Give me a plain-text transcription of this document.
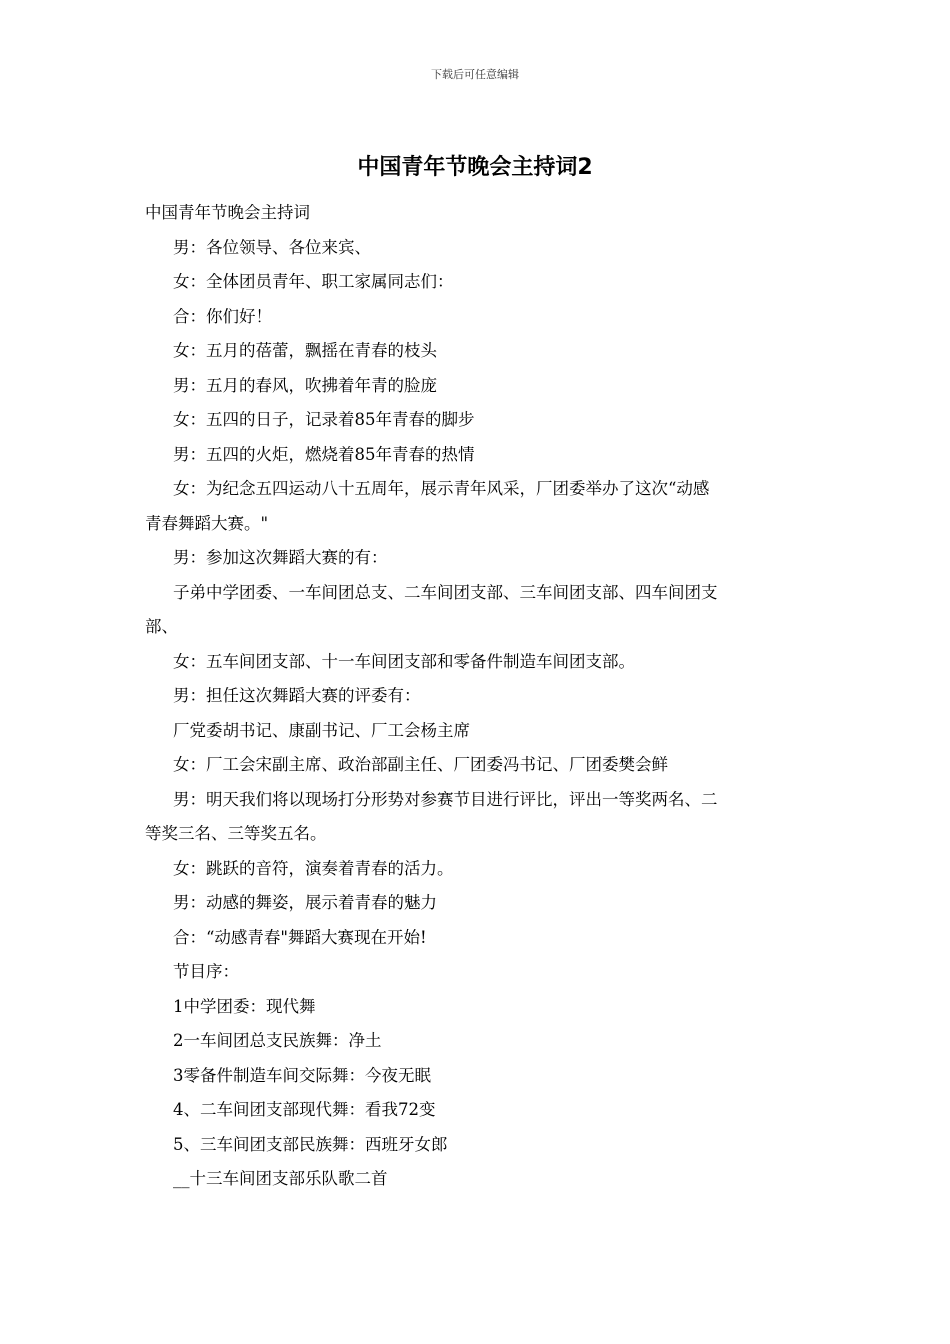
下载后可任意编辑
中国青年节晚会主持词2

中国青年节晚会主持词

男：各位领导、各位来宾、

女：全体团员青年、职工家属同志们：

合：你们好！

女：五月的蓓蕾，飘摇在青春的枝头

男：五月的春风，吹拂着年青的脸庞

女：五四的日子，记录着85年青春的脚步

男：五四的火炬，燃烧着85年青春的热情

女：为纪念五四运动八十五周年，展示青年风采，厂团委举办了这次“动感

青春舞蹈大赛。"

男：参加这次舞蹈大赛的有：

子弟中学团委、一车间团总支、二车间团支部、三车间团支部、四车间团支

部、

女：五车间团支部、十一车间团支部和零备件制造车间团支部。

男：担任这次舞蹈大赛的评委有：

厂党委胡书记、康副书记、厂工会杨主席

女：厂工会宋副主席、政治部副主任、厂团委冯书记、厂团委樊会鲜

男：明天我们将以现场打分形势对参赛节目进行评比，评出一等奖两名、二

等奖三名、三等奖五名。

女：跳跃的音符，演奏着青春的活力。

男：动感的舞姿，展示着青春的魅力

合：“动感青春"舞蹈大赛现在开始!

节目序：

1中学团委：现代舞

2一车间团总支民族舞：净土

3零备件制造车间交际舞：今夜无眠

4、二车间团支部现代舞：看我72变

5、三车间团支部民族舞：西班牙女郎

__十三车间团支部乐队歌二首
